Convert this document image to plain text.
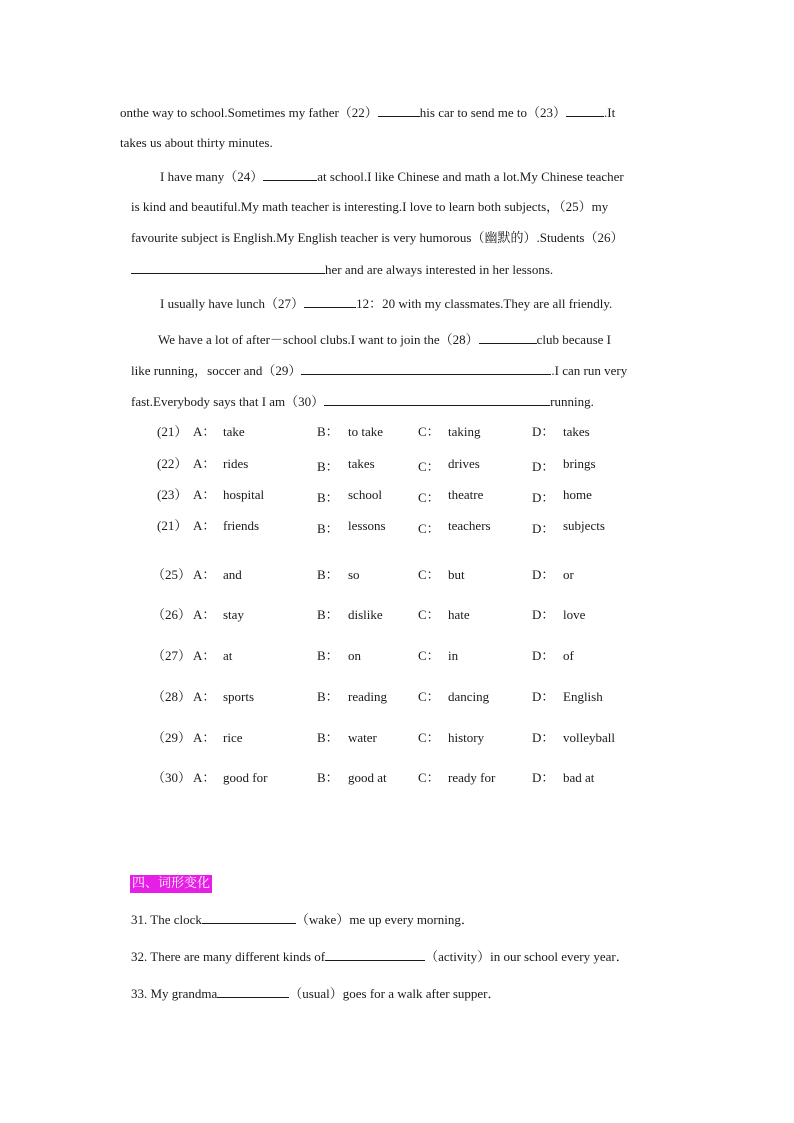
onthe way to school.Sometimes my father（22）	his car to send me to（23）	.It
takes us about thirty minutes.
I have many（24）	at school.I like Chinese and math a lot.My Chinese teacher
is kind and beautiful.My math teacher is interesting.I love to learn both subjects，（25）my
favourite subject is English.My English teacher is very humorous（幽默的）.Students（26）
her and are always interested in her lessons.
I usually have lunch（27）	12：20 with my classmates.They are all friendly.
We have a lot of after－school clubs.I want to join the（28）	club because I
like running，soccer and（29）	.I can run very
fast.Everybody says that I am（30）	running.
(21） A： take	B： to take	C： taking	D： takes
(22） A： rides	B： takes	C： drives	D： brings
(23） A： hospital	B： school	C： theatre	D： home
(21） A： friends	B： lessons C： teachers	D： subjects
（25） A： and	B： so	C： but	D： or
（26） A： stay	B： dislike	C： hate	D： love
（27） A： at	B： on	C： in	D： of
（28） A： sports	B： reading C： dancing	D： English
（29） A： rice	B： water	C： history	D： volleyball
（30） A： good for	B： good at C： ready for	D： bad at
四、词形变化
31. The clock	（wake）me up every morning．
32. There are many different kinds of	（activity）in our school every year．
33. My grandma	（usual）goes for a walk after supper．
